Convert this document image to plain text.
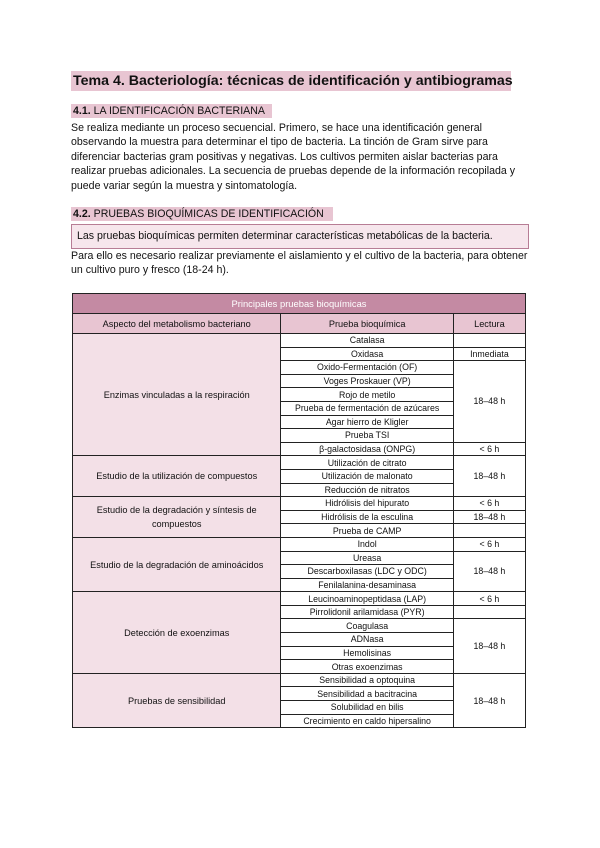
Tema 4. Bacteriología: técnicas de identificación y antibiogramas
4.1. LA IDENTIFICACIÓN BACTERIANA

Se realiza mediante un proceso secuencial. Primero, se hace una identificación general observando la muestra para determinar el tipo de bacteria. La tinción de Gram sirve para diferenciar bacterias gram positivas y negativas. Los cultivos permiten aislar bacterias para realizar pruebas adicionales. La secuencia de pruebas depende de la información recopilada y puede variar según la muestra y sintomatología.

4.2. PRUEBAS BIOQUÍMICAS DE IDENTIFICACIÓN
Las pruebas bioquímicas permiten determinar características metabólicas de la bacteria.

Para ello es necesario realizar previamente el aislamiento y el cultivo de la bacteria, para obtener un cultivo puro y fresco (18-24 h).

Principales pruebas bioquímicas		
Aspecto del metabolismo bacteriano	Prueba bioquímica	Lectura
Enzimas vinculadas a la respiración	Catalasa	
	Oxidasa	Inmediata
	Oxido-Fermentación (OF)	18–48 h
	Voges Proskauer (VP)	
	Rojo de metilo	
	Prueba de fermentación de azúcares	
	Agar hierro de Kligler	
	Prueba TSI	
	β-galactosidasa (ONPG)	< 6 h
Estudio de la utilización de compuestos	Utilización de citrato	18–48 h
	Utilización de malonato	
	Reducción de nitratos	
Estudio de la degradación y síntesis de compuestos	Hidrólisis del hipurato	< 6 h
	Hidrólisis de la esculina	18–48 h
	Prueba de CAMP	
Estudio de la degradación de aminoácidos	Indol	< 6 h
	Ureasa	18–48 h
	Descarboxilasas (LDC y ODC)	
	Fenilalanina-desaminasa	
Detección de exoenzimas	Leucinoaminopeptidasa (LAP)	< 6 h
	Pirrolidonil arilamidasa (PYR)	
	Coagulasa	18–48 h
	ADNasa	
	Hemolisinas	
	Otras exoenzimas	
Pruebas de sensibilidad	Sensibilidad a optoquina	18–48 h
	Sensibilidad a bacitracina	
	Solubilidad en bilis	
	Crecimiento en caldo hipersalino	
